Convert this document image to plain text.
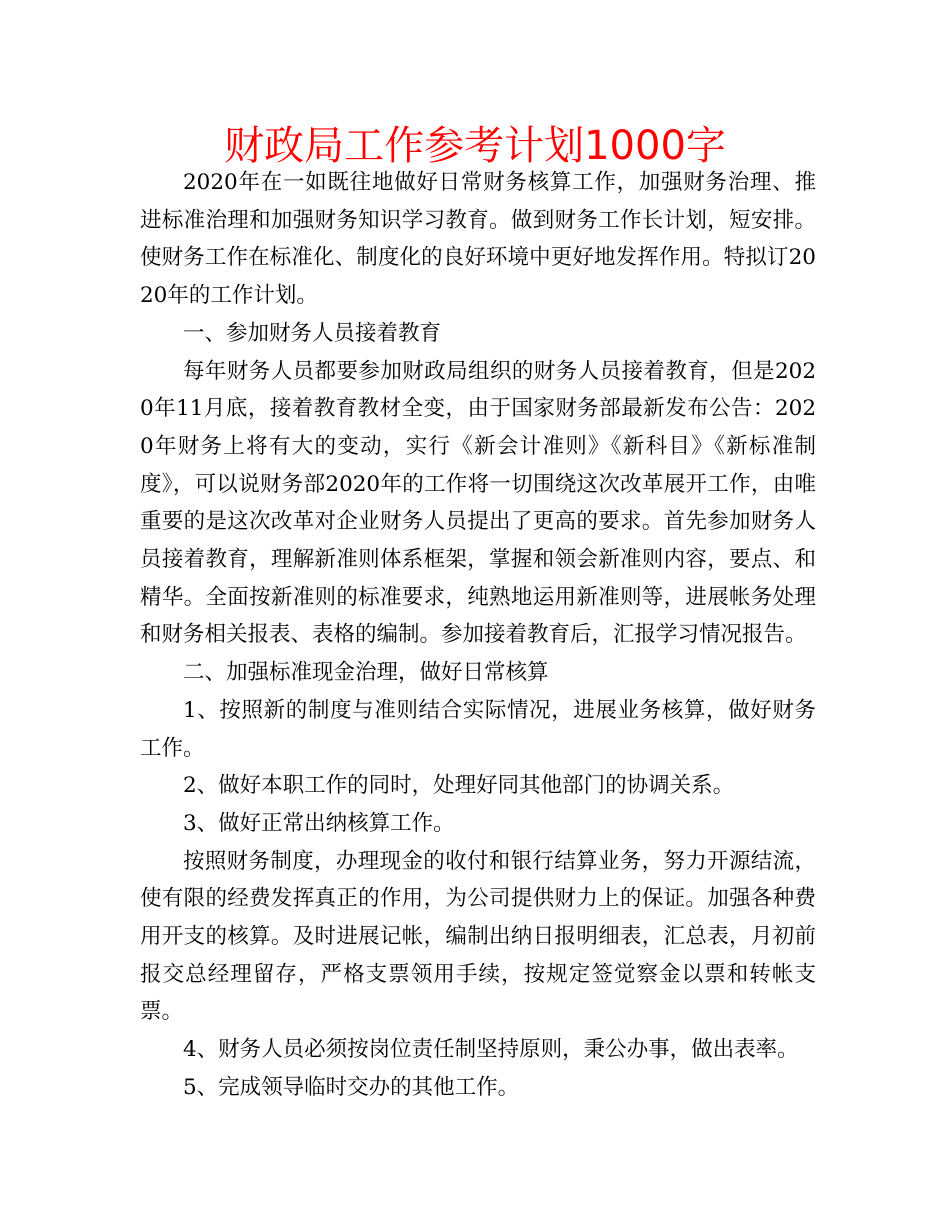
财政局工作参考计划1000字

2020年在一如既往地做好日常财务核算工作，加强财务治理、推进标准治理和加强财务知识学习教育。做到财务工作长计划，短安排。使财务工作在标准化、制度化的良好环境中更好地发挥作用。特拟订2020年的工作计划。

一、参加财务人员接着教育

每年财务人员都要参加财政局组织的财务人员接着教育，但是2020年11月底，接着教育教材全变，由于国家财务部最新发布公告：2020年财务上将有大的变动，实行《新会计准则》《新科目》《新标准制度》，可以说财务部2020年的工作将一切围绕这次改革展开工作，由唯重要的是这次改革对企业财务人员提出了更高的要求。首先参加财务人员接着教育，理解新准则体系框架，掌握和领会新准则内容，要点、和精华。全面按新准则的标准要求，纯熟地运用新准则等，进展帐务处理和财务相关报表、表格的编制。参加接着教育后，汇报学习情况报告。

二、加强标准现金治理，做好日常核算

1、按照新的制度与准则结合实际情况，进展业务核算，做好财务工作。

2、做好本职工作的同时，处理好同其他部门的协调关系。

3、做好正常出纳核算工作。

按照财务制度，办理现金的收付和银行结算业务，努力开源结流，使有限的经费发挥真正的作用，为公司提供财力上的保证。加强各种费用开支的核算。及时进展记帐，编制出纳日报明细表，汇总表，月初前报交总经理留存，严格支票领用手续，按规定签觉察金以票和转帐支票。

4、财务人员必须按岗位责任制坚持原则，秉公办事，做出表率。

5、完成领导临时交办的其他工作。
